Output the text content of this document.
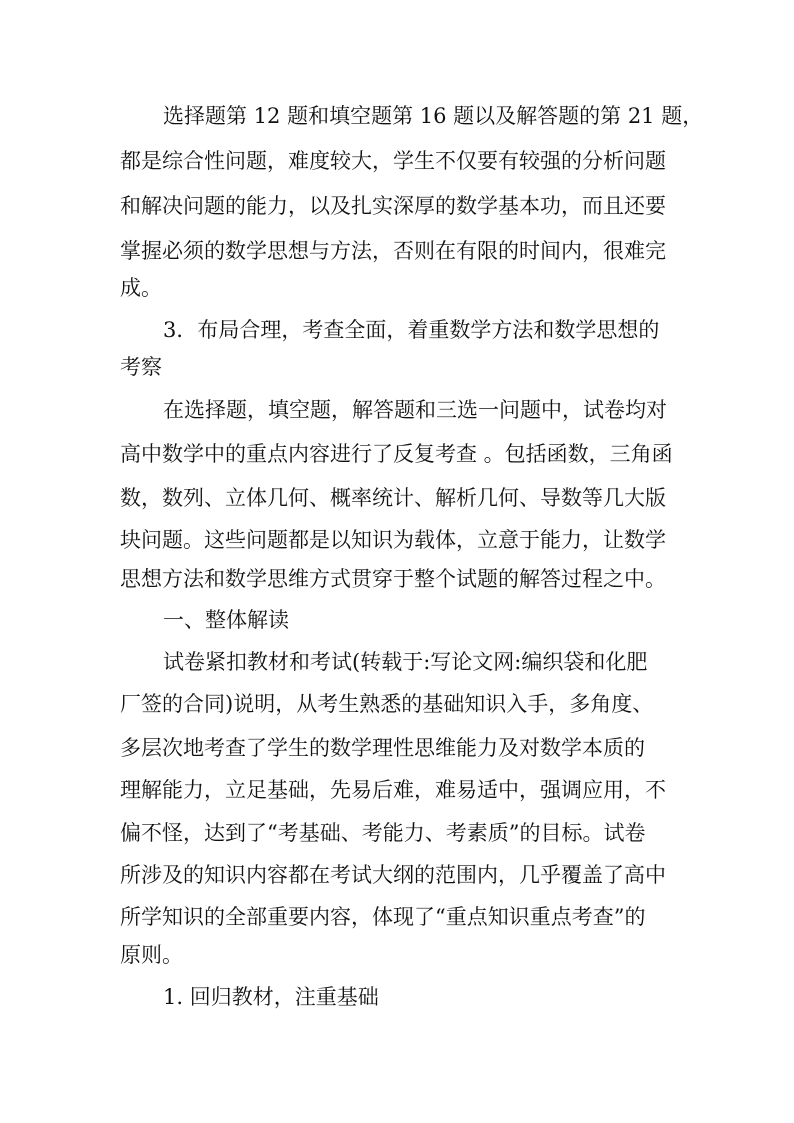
选择题第 12 题和填空题第 16 题以及解答题的第 21 题，
都是综合性问题，难度较大，学生不仅要有较强的分析问题
和解决问题的能力，以及扎实深厚的数学基本功，而且还要
掌握必须的数学思想与方法，否则在有限的时间内，很难完
成。
3．布局合理，考查全面，着重数学方法和数学思想的
考察
在选择题，填空题，解答题和三选一问题中，试卷均对
高中数学中的重点内容进行了反复考查 。包括函数，三角函
数，数列、立体几何、概率统计、解析几何、导数等几大版
块问题。这些问题都是以知识为载体，立意于能力，让数学
思想方法和数学思维方式贯穿于整个试题的解答过程之中。
一、整体解读
试卷紧扣教材和考试(转载于:写论文网:编织袋和化肥
厂签的合同)说明，从考生熟悉的基础知识入手，多角度、
多层次地考查了学生的数学理性思维能力及对数学本质的
理解能力，立足基础，先易后难，难易适中，强调应用，不
偏不怪，达到了“考基础、考能力、考素质”的目标。试卷
所涉及的知识内容都在考试大纲的范围内，几乎覆盖了高中
所学知识的全部重要内容，体现了“重点知识重点考查”的
原则。
1. 回归教材，注重基础
